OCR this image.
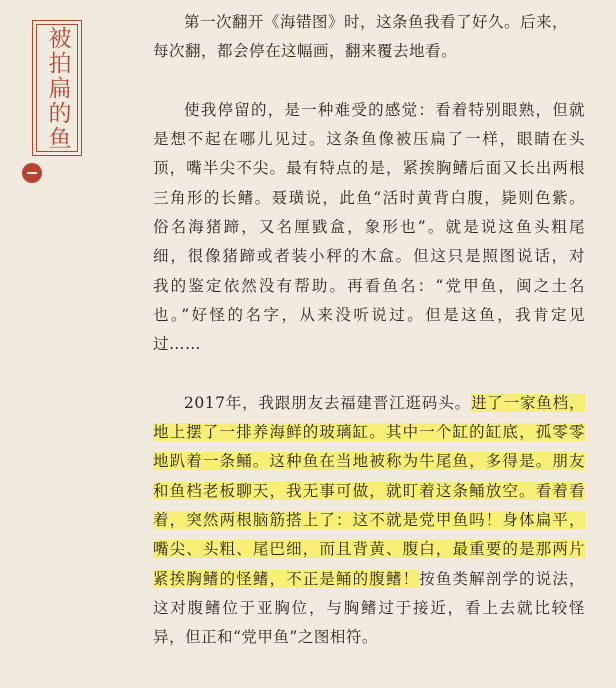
被拍扁的鱼
第一次翻开《海错图》时，这条鱼我看了好久。后来，
每次翻，都会停在这幅画，翻来覆去地看。
使我停留的，是一种难受的感觉：看着特别眼熟，但就
是想不起在哪儿见过。这条鱼像被压扁了一样，眼睛在头
顶，嘴半尖不尖。最有特点的是，紧挨胸鳍后面又长出两根
三角形的长鳍。聂璜说，此鱼“活时黄背白腹，毙则色紫。
俗名海猪蹄，又名厘戥盒，象形也”。就是说这鱼头粗尾
细，很像猪蹄或者装小秤的木盒。但这只是照图说话，对
我的鉴定依然没有帮助。再看鱼名：“党甲鱼，闽之土名
也。”好怪的名字，从来没听说过。但是这鱼，我肯定见
过……
2017年，我跟朋友去福建晋江逛码头。进了一家鱼档，
地上摆了一排养海鲜的玻璃缸。其中一个缸的缸底，孤零零
地趴着一条鲬。这种鱼在当地被称为牛尾鱼，多得是。朋友
和鱼档老板聊天，我无事可做，就盯着这条鲬放空。看着看
着，突然两根脑筋搭上了：这不就是党甲鱼吗！身体扁平，
嘴尖、头粗、尾巴细，而且背黄、腹白，最重要的是那两片
紧挨胸鳍的怪鳍，不正是鲬的腹鳍！按鱼类解剖学的说法，
这对腹鳍位于亚胸位，与胸鳍过于接近，看上去就比较怪
异，但正和“党甲鱼”之图相符。
